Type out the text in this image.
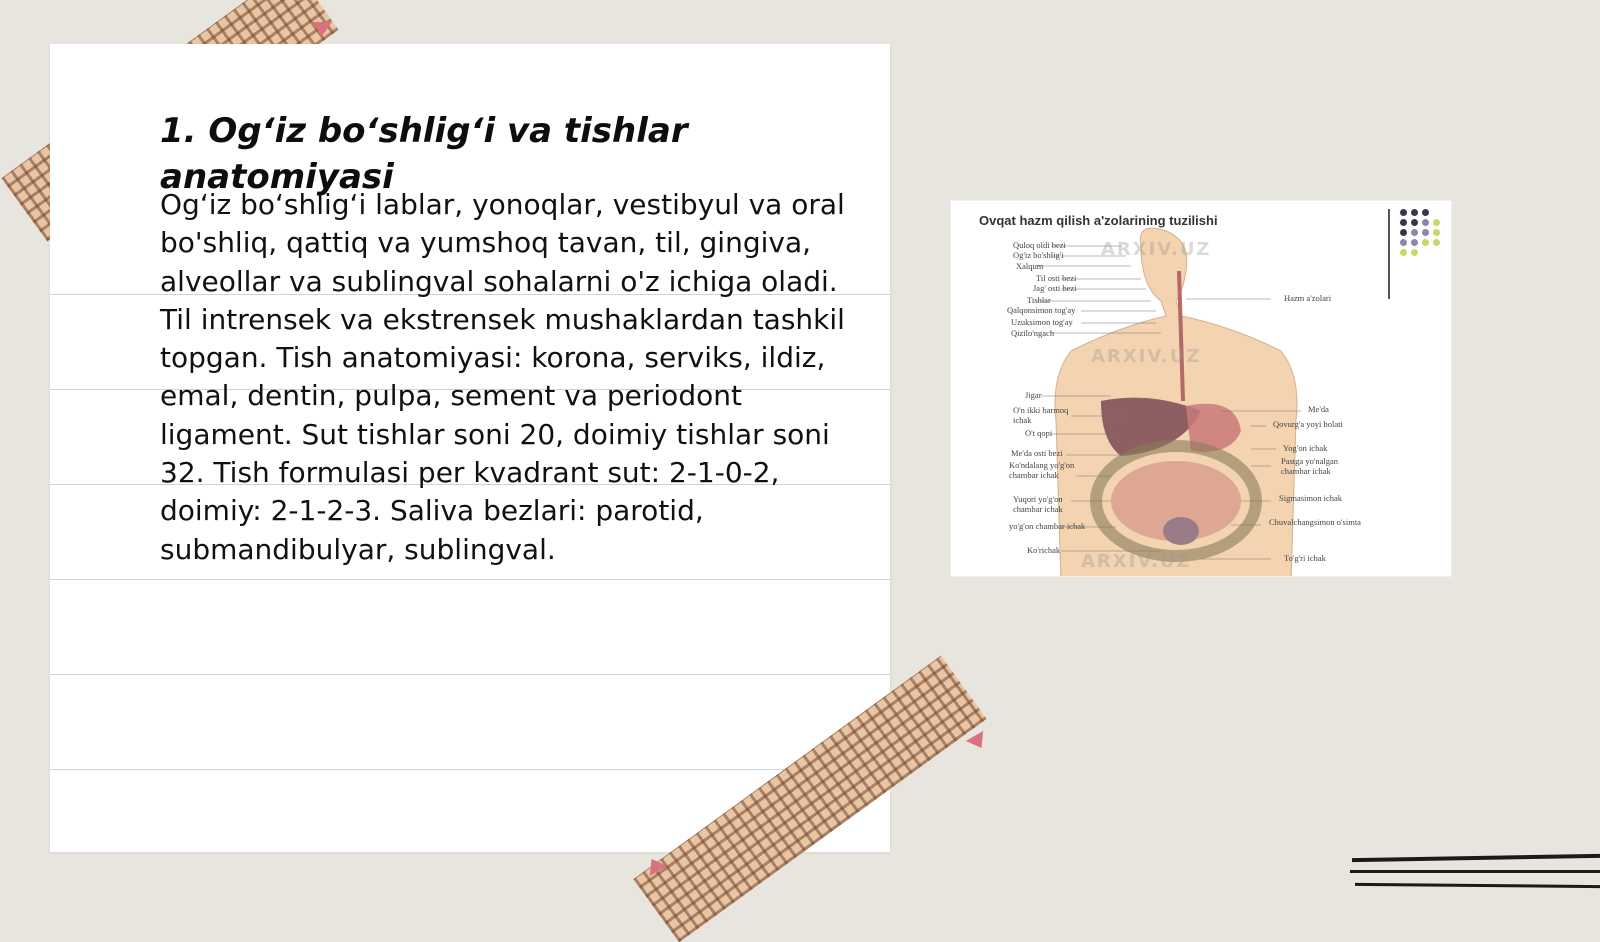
1. Og‘iz bo‘shlig‘i va tishlar anatomiyasi
Og‘iz bo‘shlig‘i lablar, yonoqlar, vestibyul va oral bo'shliq, qattiq va yumshoq tavan, til, gingiva, alveollar va sublingval sohalarni o'z ichiga oladi. Til intrensek va ekstrensek mushaklardan tashkil topgan. Tish anatomiyasi: korona, serviks, ildiz, emal, dentin, pulpa, sement va periodont ligament. Sut tishlar soni 20, doimiy tishlar soni 32. Tish formulasi per kvadrant sut: 2-1-0-2, doimiy: 2-1-2-3. Saliva bezlari: parotid, submandibulyar, sublingval.
Ovqat hazm qilish a'zolarining tuzilishi
ARXIV.UZ
ARXIV.UZ
ARXIV.UZ
Quloq oldi bezi
Og'iz bo'shlig'i
Xalqum
Til osti bezi
Jag' osti bezi
Tishlar
Qalqonsimon tog'ay
Uzuksimon tog'ay
Qizilo'ngach
Jigar
O'n ikki barmoq ichak
O't qopi
Me'da osti bezi
Ko'ndalang yo'g'on chambar ichak
Yuqori yo'g'on chambar ichak
yo'g'on chambar ichak
Ko'richak
Hazm a'zolari
Me'da
Qovurg'a yoyi holati
Yog'on ichak
Pastga yo'nalgan chambar ichak
Sigmasimon ichak
Chuvalchangsimon o'simta
To'g'ri ichak
